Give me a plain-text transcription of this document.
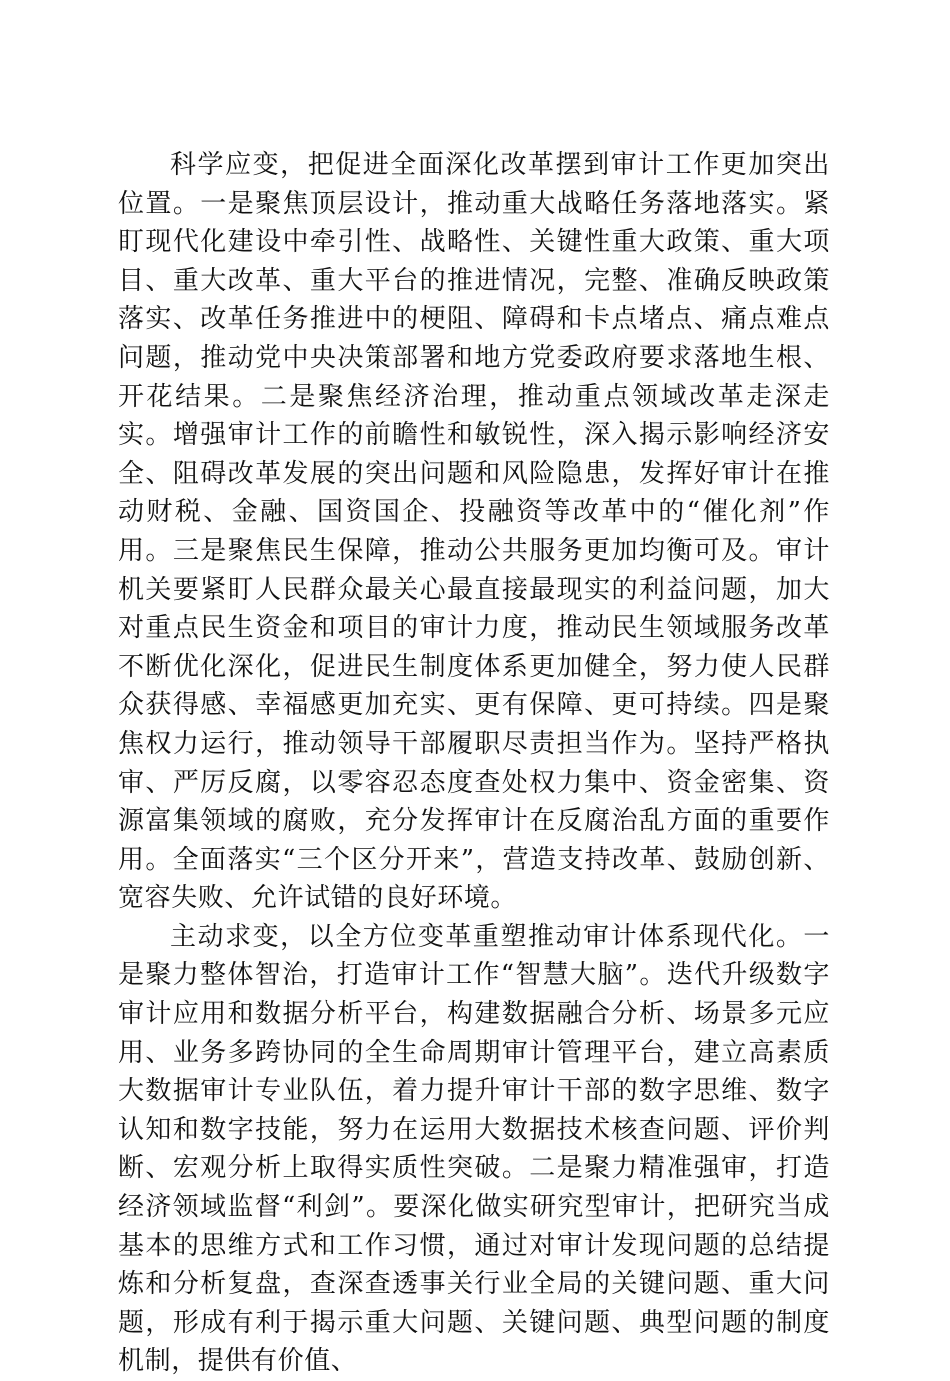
科学应变，把促进全面深化改革摆到审计工作更加突出位置。一是聚焦顶层设计，推动重大战略任务落地落实。紧盯现代化建设中牵引性、战略性、关键性重大政策、重大项目、重大改革、重大平台的推进情况，完整、准确反映政策落实、改革任务推进中的梗阻、障碍和卡点堵点、痛点难点问题，推动党中央决策部署和地方党委政府要求落地生根、开花结果。二是聚焦经济治理，推动重点领域改革走深走实。增强审计工作的前瞻性和敏锐性，深入揭示影响经济安全、阻碍改革发展的突出问题和风险隐患，发挥好审计在推动财税、金融、国资国企、投融资等改革中的“催化剂”作用。三是聚焦民生保障，推动公共服务更加均衡可及。审计机关要紧盯人民群众最关心最直接最现实的利益问题，加大对重点民生资金和项目的审计力度，推动民生领域服务改革不断优化深化，促进民生制度体系更加健全，努力使人民群众获得感、幸福感更加充实、更有保障、更可持续。四是聚焦权力运行，推动领导干部履职尽责担当作为。坚持严格执审、严厉反腐，以零容忍态度查处权力集中、资金密集、资源富集领域的腐败，充分发挥审计在反腐治乱方面的重要作用。全面落实“三个区分开来”，营造支持改革、鼓励创新、宽容失败、允许试错的良好环境。

主动求变，以全方位变革重塑推动审计体系现代化。一是聚力整体智治，打造审计工作“智慧大脑”。迭代升级数字审计应用和数据分析平台，构建数据融合分析、场景多元应用、业务多跨协同的全生命周期审计管理平台，建立高素质大数据审计专业队伍，着力提升审计干部的数字思维、数字认知和数字技能，努力在运用大数据技术核查问题、评价判断、宏观分析上取得实质性突破。二是聚力精准强审，打造经济领域监督“利剑”。要深化做实研究型审计，把研究当成基本的思维方式和工作习惯，通过对审计发现问题的总结提炼和分析复盘，查深查透事关行业全局的关键问题、重大问题，形成有利于揭示重大问题、关键问题、典型问题的制度机制，提供有价值、
